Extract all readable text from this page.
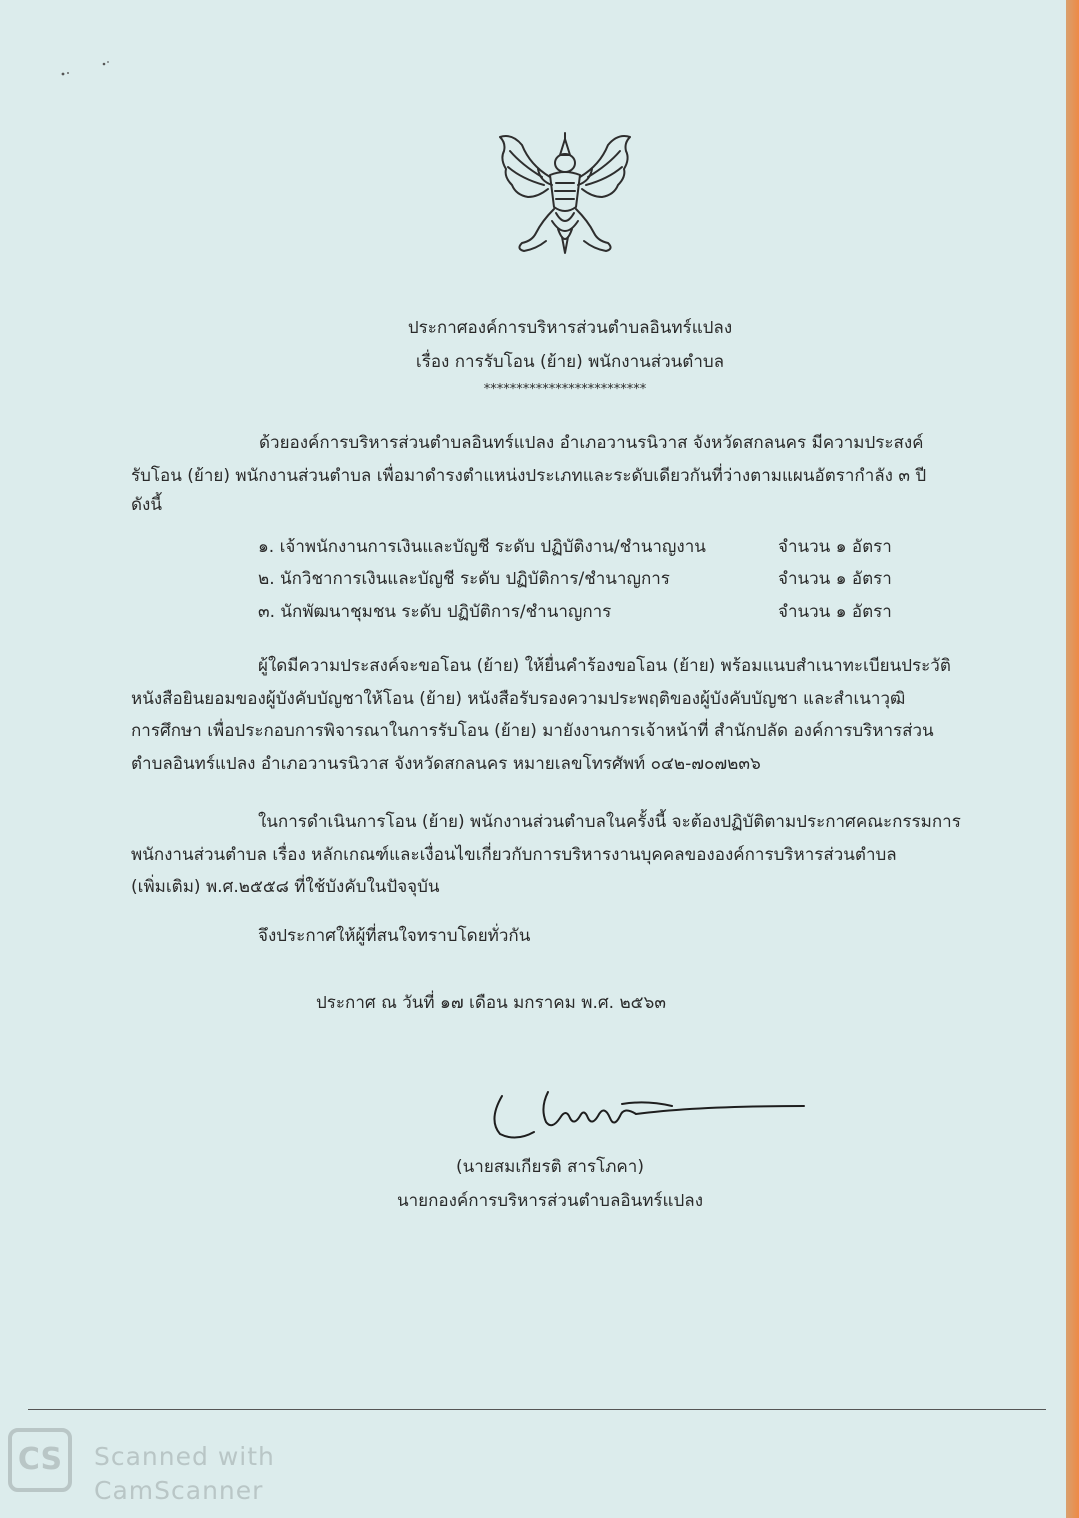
ประกาศองค์การบริหารส่วนตำบลอินทร์แปลง
เรื่อง การรับโอน (ย้าย) พนักงานส่วนตำบล
*************************
ด้วยองค์การบริหารส่วนตำบลอินทร์แปลง อำเภอวานรนิวาส จังหวัดสกลนคร มีความประสงค์
รับโอน (ย้าย) พนักงานส่วนตำบล เพื่อมาดำรงตำแหน่งประเภทและระดับเดียวกันที่ว่างตามแผนอัตรากำลัง ๓ ปี
ดังนี้
๑. เจ้าพนักงานการเงินและบัญชี ระดับ ปฏิบัติงาน/ชำนาญงาน	จำนวน ๑ อัตรา
๒. นักวิชาการเงินและบัญชี ระดับ ปฏิบัติการ/ชำนาญการ	จำนวน ๑ อัตรา
๓. นักพัฒนาชุมชน ระดับ ปฏิบัติการ/ชำนาญการ	จำนวน ๑ อัตรา
ผู้ใดมีความประสงค์จะขอโอน (ย้าย) ให้ยื่นคำร้องขอโอน (ย้าย) พร้อมแนบสำเนาทะเบียนประวัติ
หนังสือยินยอมของผู้บังคับบัญชาให้โอน (ย้าย) หนังสือรับรองความประพฤติของผู้บังคับบัญชา และสำเนาวุฒิ
การศึกษา เพื่อประกอบการพิจารณาในการรับโอน (ย้าย) มายังงานการเจ้าหน้าที่ สำนักปลัด องค์การบริหารส่วน
ตำบลอินทร์แปลง อำเภอวานรนิวาส จังหวัดสกลนคร หมายเลขโทรศัพท์ ๐๔๒-๗๐๗๒๓๖
ในการดำเนินการโอน (ย้าย) พนักงานส่วนตำบลในครั้งนี้ จะต้องปฏิบัติตามประกาศคณะกรรมการ
พนักงานส่วนตำบล เรื่อง หลักเกณฑ์และเงื่อนไขเกี่ยวกับการบริหารงานบุคคลขององค์การบริหารส่วนตำบล
(เพิ่มเติม) พ.ศ.๒๕๕๘ ที่ใช้บังคับในปัจจุบัน
จึงประกาศให้ผู้ที่สนใจทราบโดยทั่วกัน
ประกาศ ณ วันที่ ๑๗ เดือน มกราคม พ.ศ. ๒๕๖๓
(นายสมเกียรติ สารโภคา)
นายกองค์การบริหารส่วนตำบลอินทร์แปลง
CS	Scanned with
CamScanner
